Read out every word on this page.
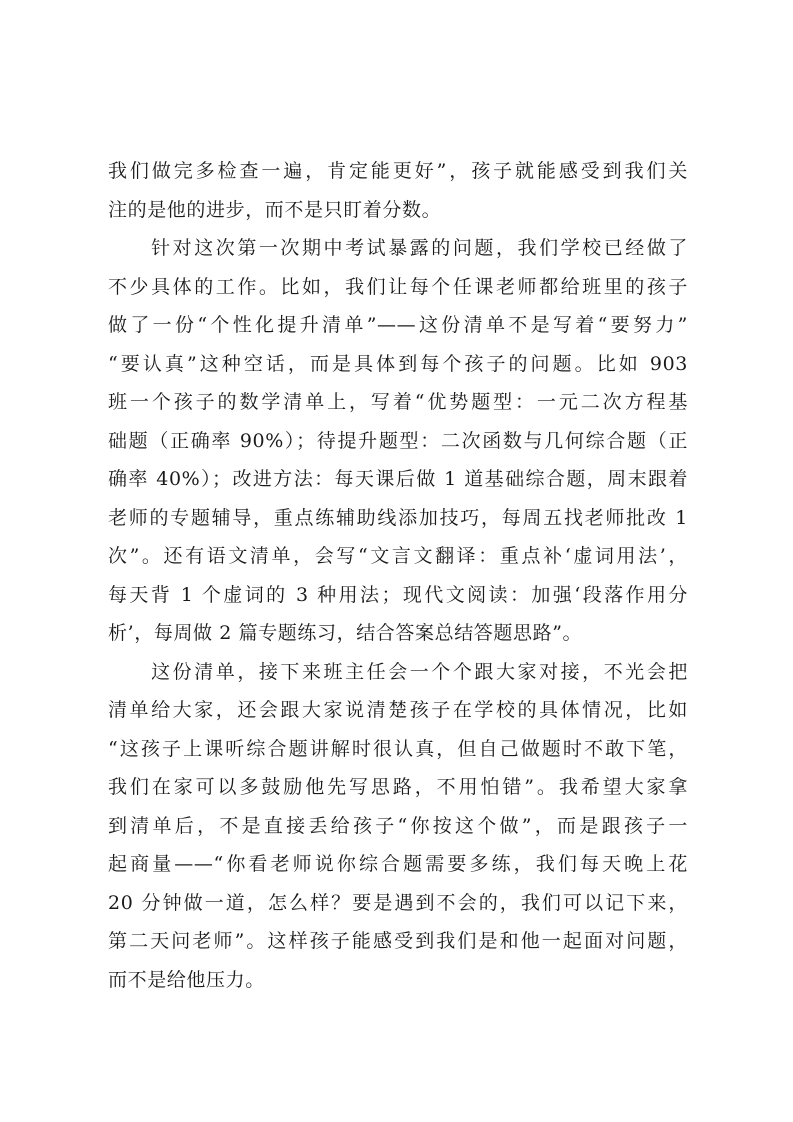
我们做完多检查一遍，肯定能更好”，孩子就能感受到我们关
注的是他的进步，而不是只盯着分数。
　　针对这次第一次期中考试暴露的问题，我们学校已经做了
不少具体的工作。比如，我们让每个任课老师都给班里的孩子
做了一份“个性化提升清单”——这份清单不是写着“要努力”
“要认真”这种空话，而是具体到每个孩子的问题。比如 903
班一个孩子的数学清单上，写着“优势题型：一元二次方程基
础题（正确率 90%）；待提升题型：二次函数与几何综合题（正
确率 40%）；改进方法：每天课后做 1 道基础综合题，周末跟着
老师的专题辅导，重点练辅助线添加技巧，每周五找老师批改 1
次”。还有语文清单，会写“文言文翻译：重点补‘虚词用法’，
每天背 1 个虚词的 3 种用法；现代文阅读：加强‘段落作用分
析’，每周做 2 篇专题练习，结合答案总结答题思路”。
　　这份清单，接下来班主任会一个个跟大家对接，不光会把
清单给大家，还会跟大家说清楚孩子在学校的具体情况，比如
“这孩子上课听综合题讲解时很认真，但自己做题时不敢下笔，
我们在家可以多鼓励他先写思路，不用怕错”。我希望大家拿
到清单后，不是直接丢给孩子“你按这个做”，而是跟孩子一
起商量——“你看老师说你综合题需要多练，我们每天晚上花
20 分钟做一道，怎么样？要是遇到不会的，我们可以记下来，
第二天问老师”。这样孩子能感受到我们是和他一起面对问题，
而不是给他压力。
